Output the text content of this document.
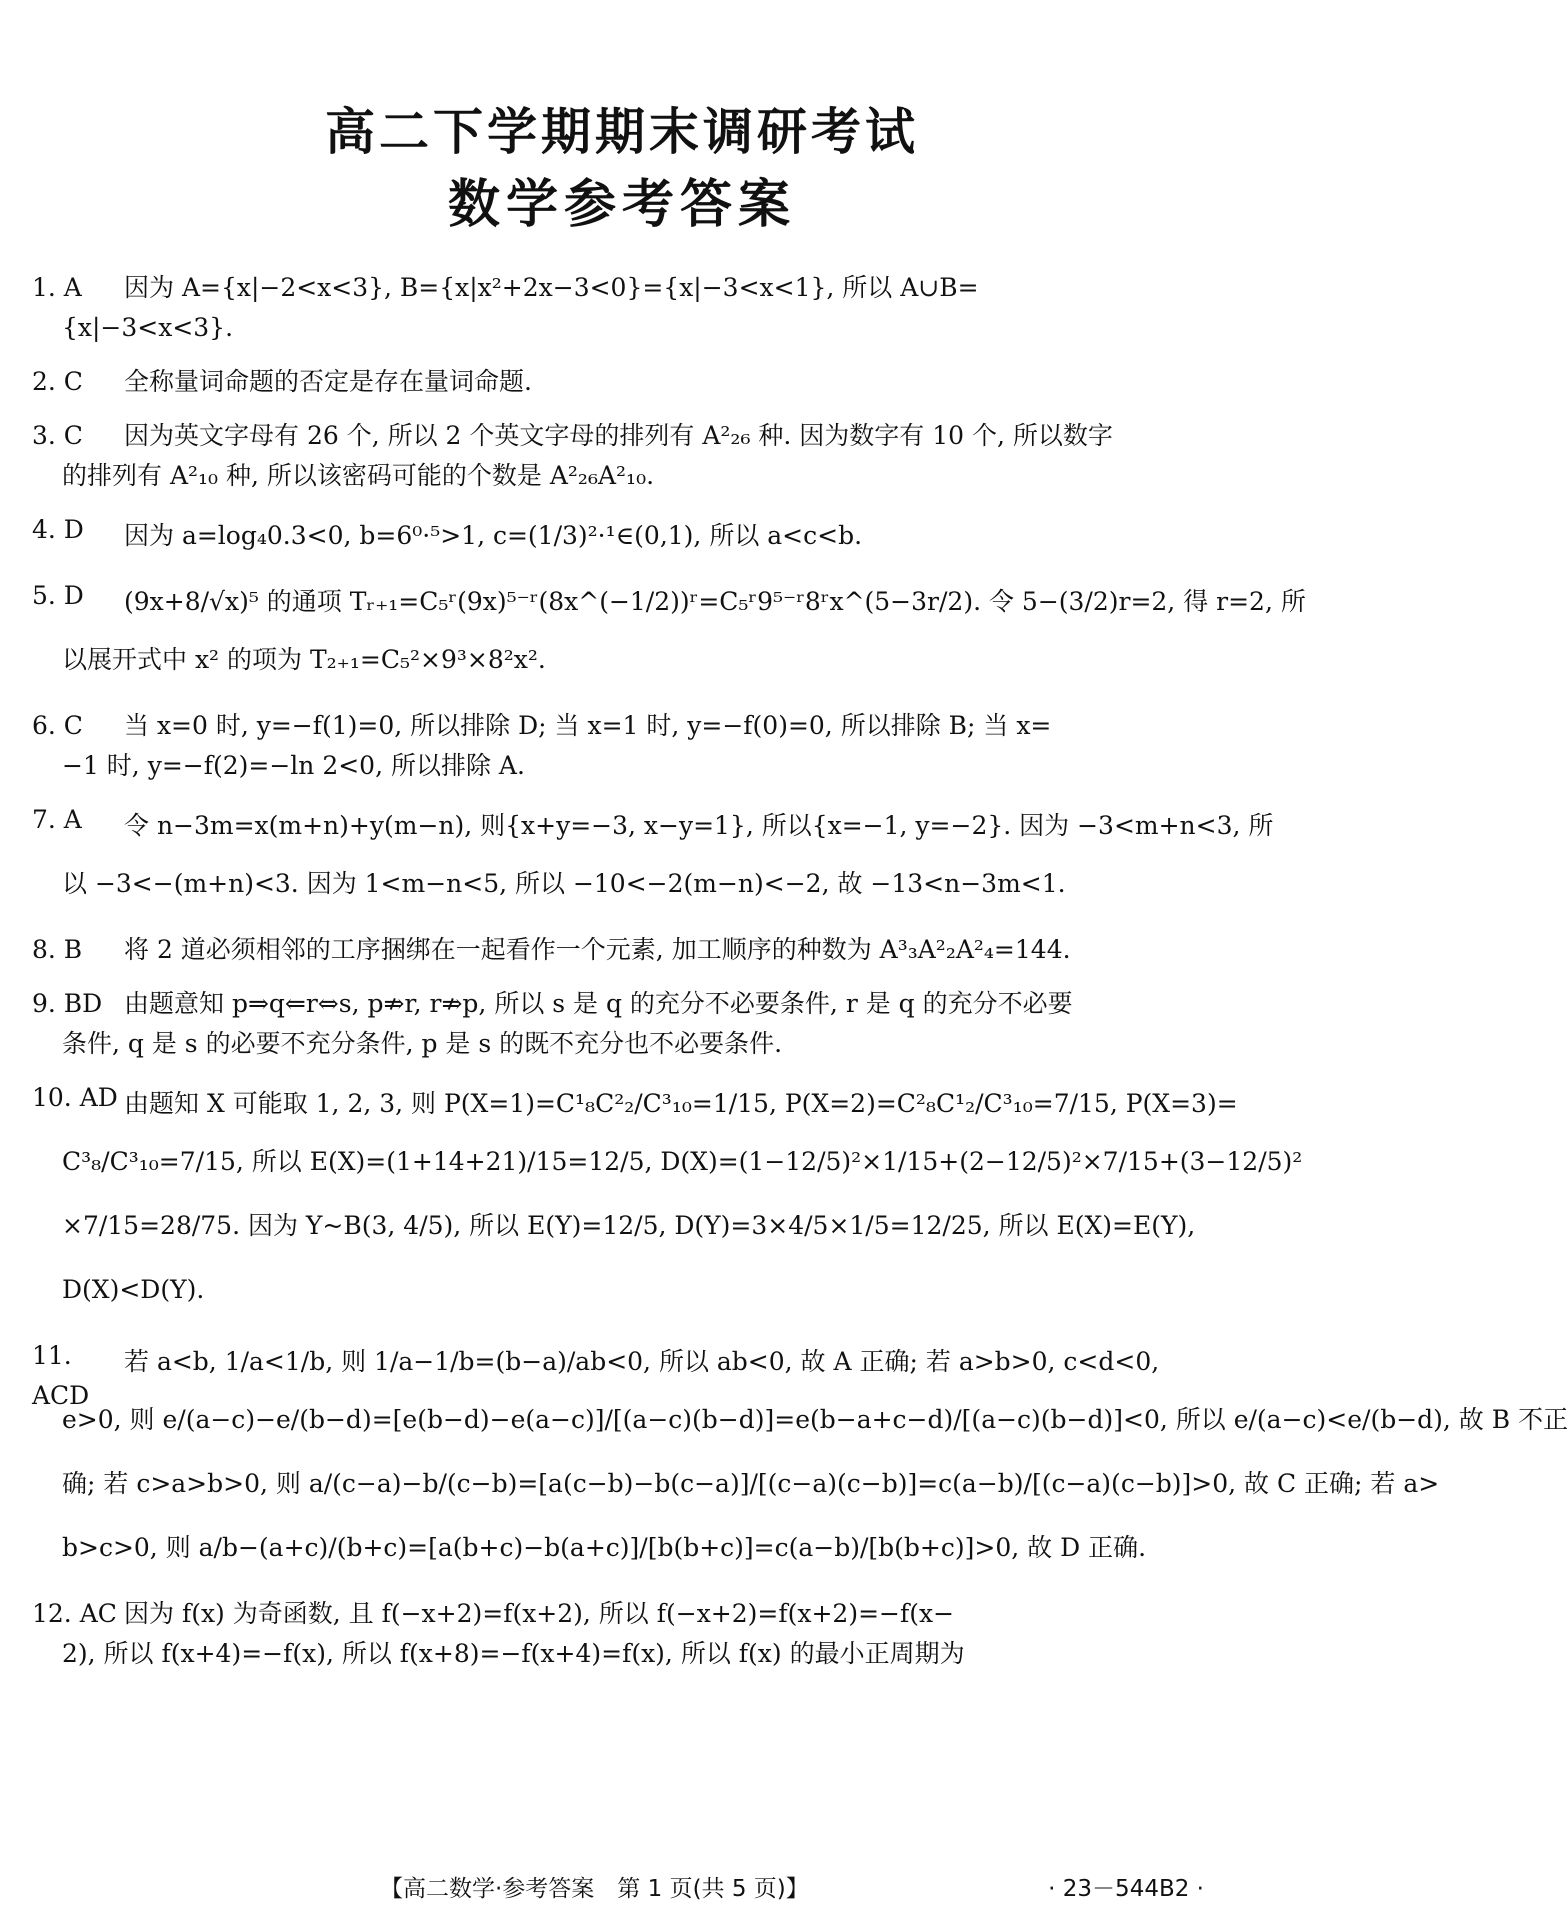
高二下学期期末调研考试
数学参考答案
1. A	因为 A={x|−2<x<3}, B={x|x²+2x−3<0}={x|−3<x<1}, 所以 A∪B=
{x|−3<x<3}.
2. C	全称量词命题的否定是存在量词命题.
3. C	因为英文字母有 26 个, 所以 2 个英文字母的排列有 A²₂₆ 种. 因为数字有 10 个, 所以数字
的排列有 A²₁₀ 种, 所以该密码可能的个数是 A²₂₆A²₁₀.
4. D	因为 a=log₄0.3<0, b=6⁰·⁵>1, c=(1/3)²·¹∈(0,1), 所以 a<c<b.
5. D	(9x+8/√x)⁵ 的通项 Tᵣ₊₁=C₅ʳ(9x)⁵⁻ʳ(8x^(−1/2))ʳ=C₅ʳ9⁵⁻ʳ8ʳx^(5−3r/2). 令 5−(3/2)r=2, 得 r=2, 所
以展开式中 x² 的项为 T₂₊₁=C₅²×9³×8²x².
6. C	当 x=0 时, y=−f(1)=0, 所以排除 D; 当 x=1 时, y=−f(0)=0, 所以排除 B; 当 x=
−1 时, y=−f(2)=−ln 2<0, 所以排除 A.
7. A	令 n−3m=x(m+n)+y(m−n), 则{x+y=−3, x−y=1}, 所以{x=−1, y=−2}. 因为 −3<m+n<3, 所
以 −3<−(m+n)<3. 因为 1<m−n<5, 所以 −10<−2(m−n)<−2, 故 −13<n−3m<1.
8. B	将 2 道必须相邻的工序捆绑在一起看作一个元素, 加工顺序的种数为 A³₃A²₂A²₄=144.
9. BD 由题意知 p⇒q⇐r⇔s, p⇏r, r⇏p, 所以 s 是 q 的充分不必要条件, r 是 q 的充分不必要
条件, q 是 s 的必要不充分条件, p 是 s 的既不充分也不必要条件.
10. AD 由题知 X 可能取 1, 2, 3, 则 P(X=1)=C¹₈C²₂/C³₁₀=1/15, P(X=2)=C²₈C¹₂/C³₁₀=7/15, P(X=3)=
C³₈/C³₁₀=7/15, 所以 E(X)=(1+14+21)/15=12/5, D(X)=(1−12/5)²×1/15+(2−12/5)²×7/15+(3−12/5)²
×7/15=28/75. 因为 Y~B(3, 4/5), 所以 E(Y)=12/5, D(Y)=3×4/5×1/5=12/25, 所以 E(X)=E(Y),
D(X)<D(Y).
11. ACD
若 a<b, 1/a<1/b, 则 1/a−1/b=(b−a)/ab<0, 所以 ab<0, 故 A 正确; 若 a>b>0, c<d<0,
e>0, 则 e/(a−c)−e/(b−d)=[e(b−d)−e(a−c)]/[(a−c)(b−d)]=e(b−a+c−d)/[(a−c)(b−d)]<0, 所以 e/(a−c)<e/(b−d), 故 B 不正
确; 若 c>a>b>0, 则 a/(c−a)−b/(c−b)=[a(c−b)−b(c−a)]/[(c−a)(c−b)]=c(a−b)/[(c−a)(c−b)]>0, 故 C 正确; 若 a>
b>c>0, 则 a/b−(a+c)/(b+c)=[a(b+c)−b(a+c)]/[b(b+c)]=c(a−b)/[b(b+c)]>0, 故 D 正确.
12. AC 因为 f(x) 为奇函数, 且 f(−x+2)=f(x+2), 所以 f(−x+2)=f(x+2)=−f(x−
2), 所以 f(x+4)=−f(x), 所以 f(x+8)=−f(x+4)=f(x), 所以 f(x) 的最小正周期为
【高二数学·参考答案　第 1 页(共 5 页)】	· 23－544B2 ·
